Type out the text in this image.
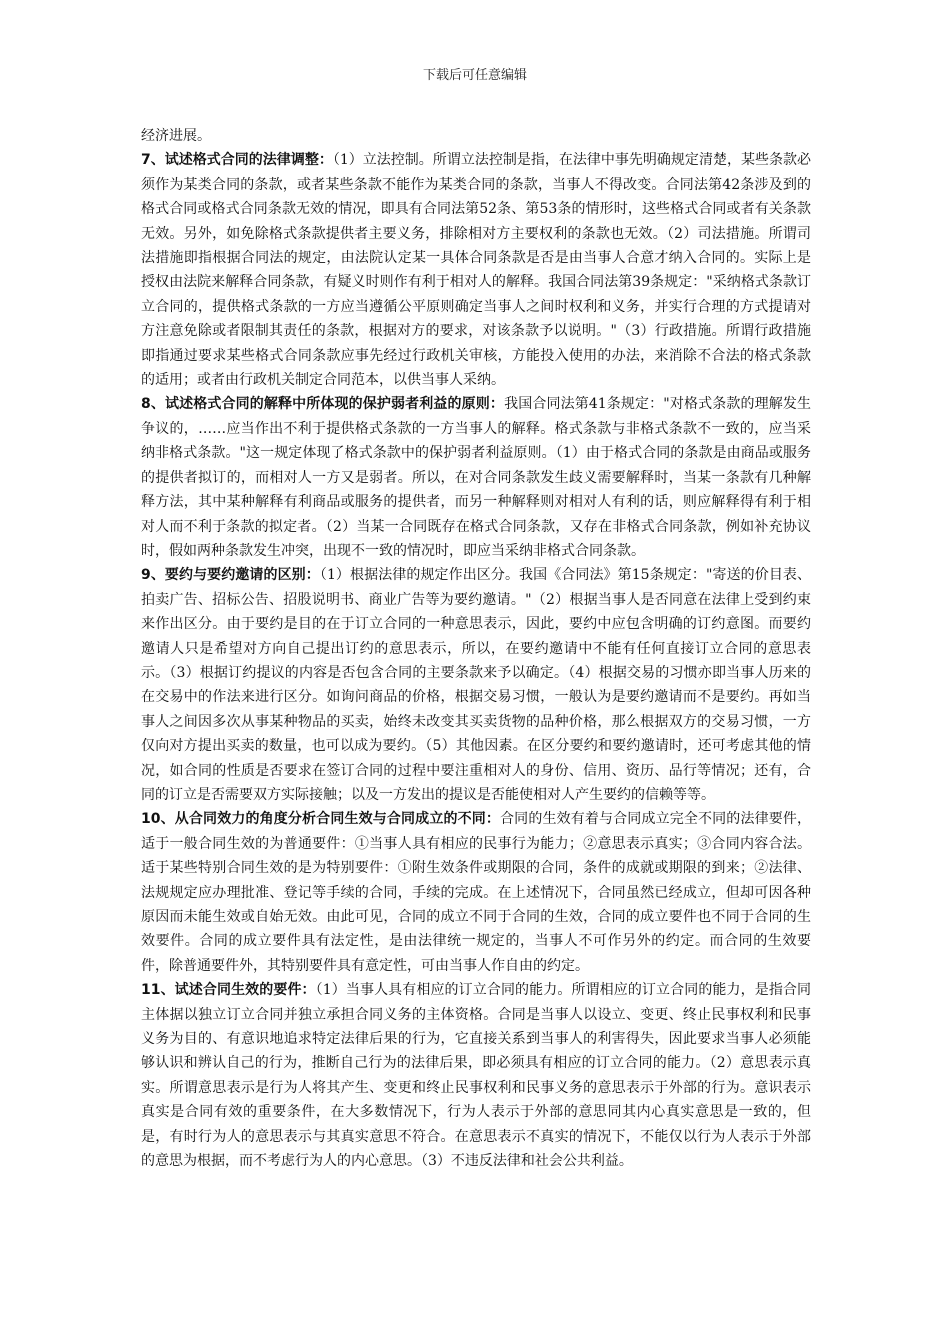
下载后可任意编辑

经济进展。

7、试述格式合同的法律调整：（1）立法控制。所谓立法控制是指，在法律中事先明确规定清楚，某些条款必须作为某类合同的条款，或者某些条款不能作为某类合同的条款，当事人不得改变。合同法第42条涉及到的格式合同或格式合同条款无效的情况，即具有合同法第52条、第53条的情形时，这些格式合同或者有关条款无效。另外，如免除格式条款提供者主要义务，排除相对方主要权利的条款也无效。（2）司法措施。所谓司法措施即指根据合同法的规定，由法院认定某一具体合同条款是否是由当事人合意才纳入合同的。实际上是授权由法院来解释合同条款，有疑义时则作有利于相对人的解释。我国合同法第39条规定："采纳格式条款订立合同的，提供格式条款的一方应当遵循公平原则确定当事人之间时权利和义务，并实行合理的方式提请对方注意免除或者限制其责任的条款，根据对方的要求，对该条款予以说明。"（3）行政措施。所谓行政措施即指通过要求某些格式合同条款应事先经过行政机关审核，方能投入使用的办法，来消除不合法的格式条款的适用；或者由行政机关制定合同范本，以供当事人采纳。

8、试述格式合同的解释中所体现的保护弱者利益的原则：我国合同法第41条规定："对格式条款的理解发生争议的，……应当作出不利于提供格式条款的一方当事人的解释。格式条款与非格式条款不一致的，应当采纳非格式条款。"这一规定体现了格式条款中的保护弱者利益原则。（1）由于格式合同的条款是由商品或服务的提供者拟订的，而相对人一方又是弱者。所以，在对合同条款发生歧义需要解释时，当某一条款有几种解释方法，其中某种解释有利商品或服务的提供者，而另一种解释则对相对人有利的话，则应解释得有利于相对人而不利于条款的拟定者。（2）当某一合同既存在格式合同条款，又存在非格式合同条款，例如补充协议时，假如两种条款发生冲突，出现不一致的情况时，即应当采纳非格式合同条款。

9、要约与要约邀请的区别：（1）根据法律的规定作出区分。我国《合同法》第15条规定："寄送的价目表、拍卖广告、招标公告、招股说明书、商业广告等为要约邀请。"（2）根据当事人是否同意在法律上受到约束来作出区分。由于要约是目的在于订立合同的一种意思表示，因此，要约中应包含明确的订约意图。而要约邀请人只是希望对方向自己提出订约的意思表示，所以，在要约邀请中不能有任何直接订立合同的意思表示。（3）根据订约提议的内容是否包含合同的主要条款来予以确定。（4）根据交易的习惯亦即当事人历来的在交易中的作法来进行区分。如询问商品的价格，根据交易习惯，一般认为是要约邀请而不是要约。再如当事人之间因多次从事某种物品的买卖，始终未改变其买卖货物的品种价格，那么根据双方的交易习惯，一方仅向对方提出买卖的数量，也可以成为要约。（5）其他因素。在区分要约和要约邀请时，还可考虑其他的情况，如合同的性质是否要求在签订合同的过程中要注重相对人的身份、信用、资历、品行等情况；还有，合同的订立是否需要双方实际接触；以及一方发出的提议是否能使相对人产生要约的信赖等等。

10、从合同效力的角度分析合同生效与合同成立的不同：合同的生效有着与合同成立完全不同的法律要件，适于一般合同生效的为普通要件：①当事人具有相应的民事行为能力；②意思表示真实；③合同内容合法。适于某些特别合同生效的是为特别要件：①附生效条件或期限的合同，条件的成就或期限的到来；②法律、法规规定应办理批准、登记等手续的合同，手续的完成。在上述情况下，合同虽然已经成立，但却可因各种原因而未能生效或自始无效。由此可见，合同的成立不同于合同的生效，合同的成立要件也不同于合同的生效要件。合同的成立要件具有法定性，是由法律统一规定的，当事人不可作另外的约定。而合同的生效要件，除普通要件外，其特别要件具有意定性，可由当事人作自由的约定。

11、试述合同生效的要件：（1）当事人具有相应的订立合同的能力。所谓相应的订立合同的能力，是指合同主体据以独立订立合同并独立承担合同义务的主体资格。合同是当事人以设立、变更、终止民事权利和民事义务为目的、有意识地追求特定法律后果的行为，它直接关系到当事人的利害得失，因此要求当事人必须能够认识和辨认自己的行为，推断自己行为的法律后果，即必须具有相应的订立合同的能力。（2）意思表示真实。所谓意思表示是行为人将其产生、变更和终止民事权利和民事义务的意思表示于外部的行为。意识表示真实是合同有效的重要条件，在大多数情况下，行为人表示于外部的意思同其内心真实意思是一致的，但是，有时行为人的意思表示与其真实意思不符合。在意思表示不真实的情况下，不能仅以行为人表示于外部的意思为根据，而不考虑行为人的内心意思。（3）不违反法律和社会公共利益。
